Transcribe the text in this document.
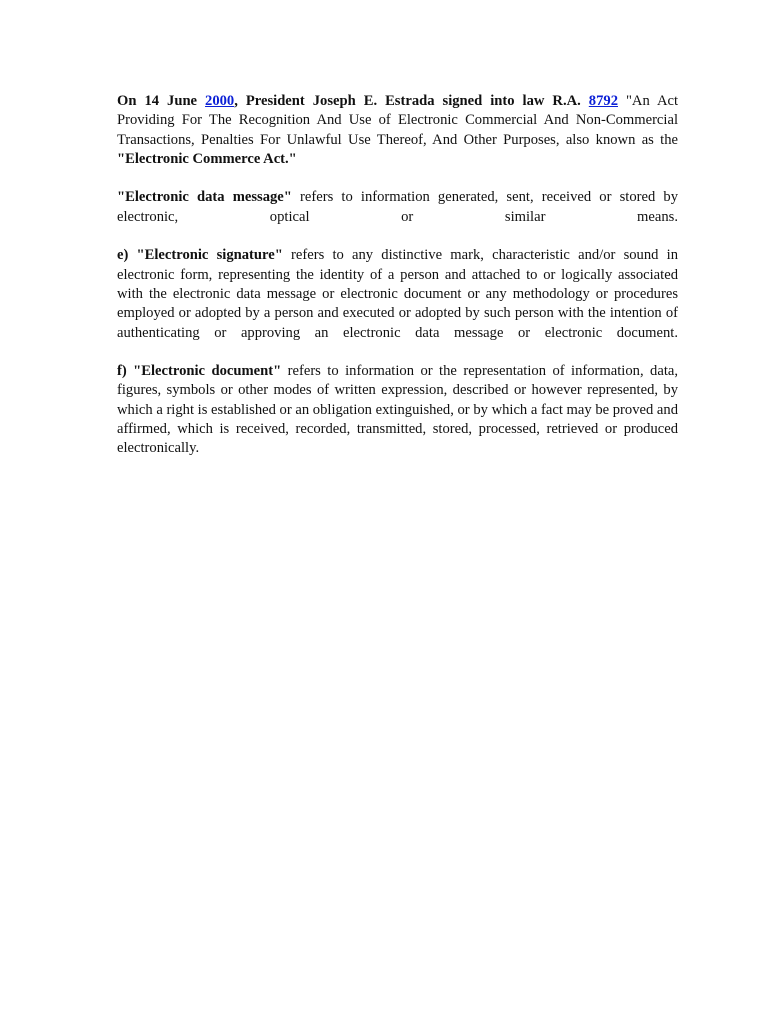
On 14 June 2000, President Joseph E. Estrada signed into law R.A. 8792 "An Act Providing For The Recognition And Use of Electronic Commercial And Non-Commercial Transactions, Penalties For Unlawful Use Thereof, And Other Purposes, also known as the "Electronic Commerce Act."

"Electronic data message" refers to information generated, sent, received or stored by electronic, optical or similar means.

e) "Electronic signature" refers to any distinctive mark, characteristic and/or sound in electronic form, representing the identity of a person and attached to or logically associated with the electronic data message or electronic document or any methodology or procedures employed or adopted by a person and executed or adopted by such person with the intention of authenticating or approving an electronic data message or electronic document.

f) "Electronic document" refers to information or the representation of information, data, figures, symbols or other modes of written expression, described or however represented, by which a right is established or an obligation extinguished, or by which a fact may be proved and affirmed, which is received, recorded, transmitted, stored, processed, retrieved or produced electronically.
